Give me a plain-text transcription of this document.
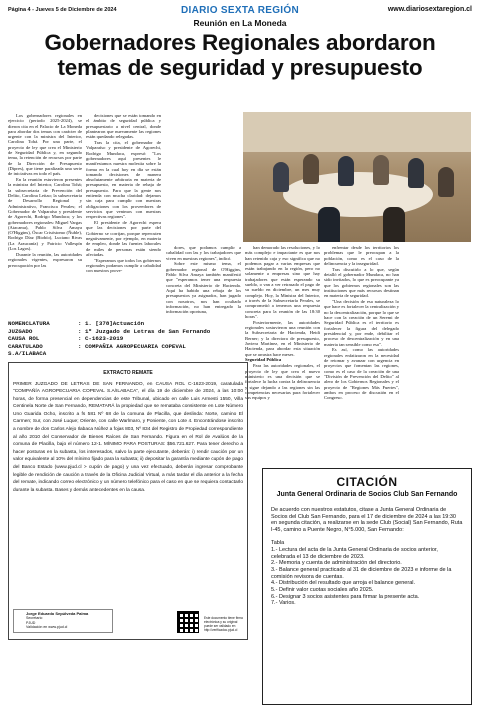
Página 4 - Jueves 5 de Diciembre de 2024	DIARIO SEXTA REGIÓN	www.diariosextaregion.cl
Reunión en La Moneda
Gobernadores Regionales abordaron temas de seguridad y presupuesto

Los gobernadores regionales en ejercicio (periodo 2025-2024), se dieron cita en el Palacio de La Moneda para abordar dos temas con carácter de urgente con la ministra del Interior, Carolina Tohá. Por una parte, el proyecto de ley que crea el Ministerio de Seguridad Pública y, en segundo tema, la retención de recursos por parte de la Dirección de Presupuesto (Dipres), que tiene paralizada una serie de iniciativas en todo el país.

En la reunión estuvieron presentes la ministra del Interior, Carolina Tohá; la subsecretaria de Prevención del Delito, Carolina Leitao; la subsecretaria de Desarrollo Regional y Administrativo, Francisca Perales; el Gobernador de Valparaíso y presidente de Agorechi, Rodrigo Mundaca; y los gobernadores regionales: Miguel Vargas (Atacama), Pablo Silva Amaya (O'Higgins), Óscar Crisóstomo (Ñuble), Rodrigo Díaz (Biobío), Luciano Rivas (La Araucanía) y Patricio Vallespín (Los Lagos).

Durante la reunión, las autoridades regionales vigentes, expresaron su preocupación por las

decisiones que se están tomando en el ámbito de seguridad pública y presupuestario a nivel central, donde plantearon que nuevamente las regiones están quedando relegadas.

Tras la cita, el gobernador de Valparaíso y presidente de Agorechi, Rodrigo Mundaca, expresó: "Los gobernadores aquí presentes le manifestamos nuestra molestia sobre la forma en la cual hoy en día se están tomando decisiones de manera absolutamente arbitraria en materia de presupuesto, en materia de rebaja de presupuesto. Para que la gente nos entienda con mucha claridad: dejamos sin caja para cumplir con nuestras obligaciones con los proveedores de servicios que venimos con nuestras respectivas regiones".

El presidente de Agorechi espera que las decisiones por parte del Gobierno se corrijan, porque repercuten negativamente, por ejemplo, en materia de empleo, donde las fuentes laborales de miles de personas están siendo afectadas.

"Esperamos que todos los gobiernos regionales podamos cumplir a cabalidad con nuestros prove-

dores, que podamos cumplir a cabalidad con las y los trabajadores que viven en nuestras regiones", indicó.

Sobre este mismo tema, el gobernador regional de O'Higgins, Pablo Silva Amaya también manifestó que "esperamos tener una respuesta concreta del Ministerio de Hacienda. Aquí ha habido una rebaja de los presupuestos ya asignados, han jugado con nosotros, nos han ocultado información, no han entregado la información oportuna,

han demorado las resoluciones, y lo más complejo e impactante es que nos han retenido caja y eso significa que no podemos pagar a varias empresas que están trabajando en la región, pero no solamente a empresas sino que hay trabajadores que están esperando su sueldo, o van a ver retrasado el pago de su sueldo en diciembre, un mes muy complejo. Hoy, la Ministra del Interior, a través de la Subsecretaría Perales, se comprometió a tenernos una respuesta concreta para la reunión de las 18:30 horas".

Posteriormente, las autoridades regionales sostuvieron una reunión con la Subsecretaria de Hacienda, Heidi Berner; y la directora de presupuesto, Javiera Martínez, en el Ministerio de Hacienda, para abordar esta situación que se arrastra hace meses.

Seguridad Pública

Para las autoridades regionales, el proyecto de ley que crea el nuevo ministerio es una decisión que se fortalece la lucha contra la delincuencia y sigue dejando a las regiones sin las competencias necesarias para fortalecer sus equipos y

enfrentar desde los territorios los problemas que le preocupan a la población, como es el caso de la delincuencia y la inseguridad.

Tras discutirlo a lo que, según detalló el gobernador Mundaca, no han sido invitados, lo que es preocupante ya que los gobiernos regionales son las instituciones que más recursos destinan en materia de seguridad.

"Una decisión de esa naturaleza lo que hace es fortalecer la centralización y no la descentralización, porque lo que se hace con la creación de un Seremi de Seguridad Pública es el territorio es fortalecer la figura del delegado presidencial y, por ende, debilitar el proceso de descentralización y en una materia tan sensible como esa".

Es así, como las autoridades regionales enfatizaron en la necesidad de retomar y avanzar con urgencia en proyectos que fomentan las regiones, como es el caso de la creación de una "División de Prevención del Delito" al alero de los Gobiernos Regionales y el proyecto de "Regiones Más Fuertes", ambos en proceso de discusión en el Congreso.

NOMENCLATURA	: 1. [378]Actuación
JUZGADO	: 1º Juzgado de Letras de San Fernando
CAUSA ROL	: C-1623-2019
CARATULADO	: COMPAÑIA AGROPECUARIA COPEVAL
S.A/ILABACA
EXTRACTO REMATE

PRIMER JUZGADO DE LETRAS DE SAN FERNANDO, en CAUSA ROL C-1623-2019, caratulada "COMPAÑÍA AGROPECUARIA COPEVAL S.A/ILABACA", el día 19 de diciembre de 2024, a las 10:00 horas, de forma presencial en dependencias de este Tribunal, ubicado en calle Luis Armesti 1550, Villa Centinela Norte de San Fernando, REMATARÁ la propiedad que se remataba consistente en Lote Número Uno Guarida Ocho, inscrito a fs 581 Nº 68 de la comuna de Placilla, que deslinda: Norte, camino El Carmen; Sur, con José Luque; Oriente, con calle Warlmaro, y Poniente, con Lote 4. Encontrándose inscrito a nombre de don Carlos Alejo Ilabaca Núñez a fojas 803, Nº 834 del Registro de Propiedad correspondiente al año 2010 del Conservador de Bienes Raíces de San Fernando. Figura en el Rol de Avalúos de la comuna de Placilla, bajo el número 12-1. MÍNIMO PARA POSTURAS: $56.721.627. Para tener derecho a hacer posturas en la subasta, los interesados, salvo la parte ejecutante, deberán: i) rendir caución por un valor equivalente al 10% del mínimo fijado para la subasta; ii) depositar la garantía mediante cupón de pago del Banco Estado (www.pjud.cl > cupón de pago) y una vez efectuado, deberán ingresar comprobante legible de rendición de caución a través de la Oficina Judicial Virtual, a más tardar el día anterior a la fecha del remate, indicando correo electrónico y un número telefónico para el caso en que se requiera contactarlo durante la subasta. Bases y demás antecedentes en la causa.

Jorge Eduardo Sepúlveda Palma
Secretario
PJUD
Validación en www.pjud.cl
Este documento tiene firma electrónica y su original puede ser validado en http://verificadoc.pjud.cl
CITACIÓN
Junta General Ordinaria de Socios Club San Fernando
De acuerdo con nuestros estatutos, citase a Junta General Ordinaria de Socios del Club San Fernando, para el 17 de diciembre de 2024 a las 19:30 en segunda citación, a realizarse en la sede Club (Social) San Fernando, Ruta I-45, camino a Puente Negro, N°5.000, San Fernando:
Tabla
1.- Lectura del acta de la Junta General Ordinaria de socios anterior, celebrada el 13 de diciembre de 2023.
2.- Memoria y cuenta de administración del directorio.
3.- Balance general practicado al 31 de diciembre de 2023 e informe de la comisión revisora de cuentas.
4.- Distribución del resultado que arroja el balance general.
5.- Definir valor cuotas sociales año 2025.
6.- Designar 3 socios asistentes para firmar la presente acta.
7.- Varios.
